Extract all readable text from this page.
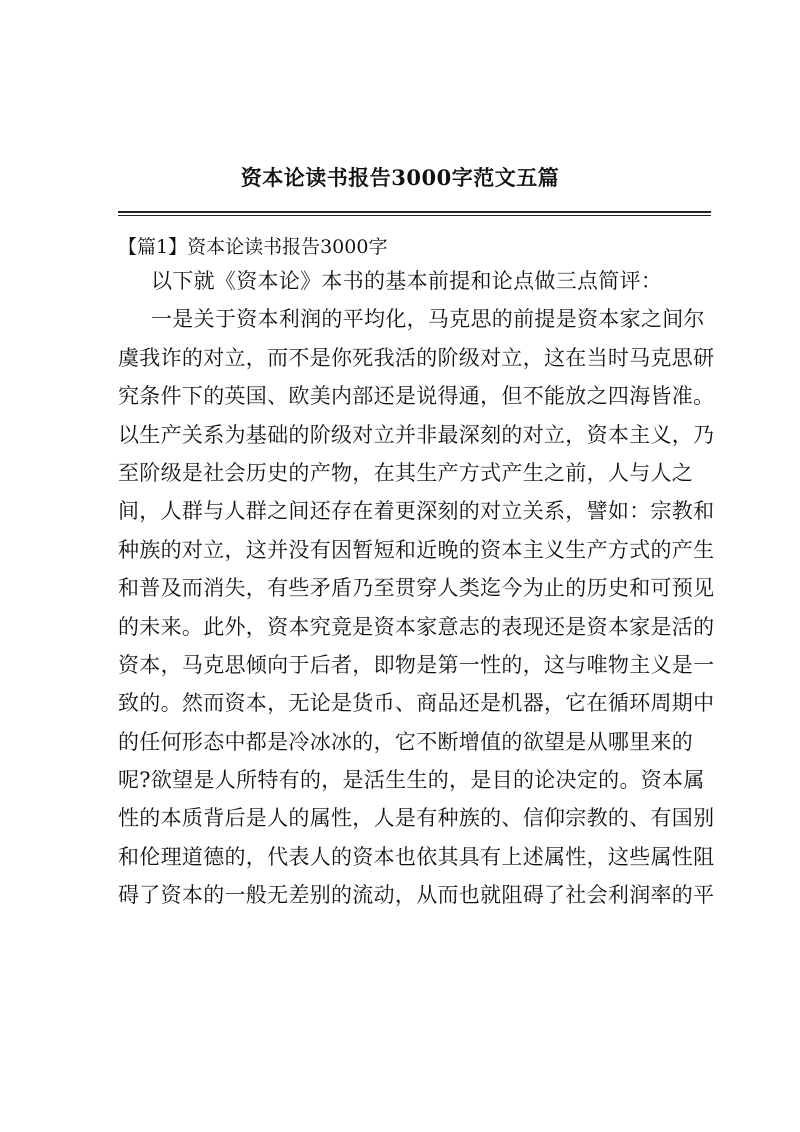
资本论读书报告3000字范文五篇
【篇1】资本论读书报告3000字
以下就《资本论》本书的基本前提和论点做三点简评：
一是关于资本利润的平均化，马克思的前提是资本家之间尔
虞我诈的对立，而不是你死我活的阶级对立，这在当时马克思研
究条件下的英国、欧美内部还是说得通，但不能放之四海皆准。
以生产关系为基础的阶级对立并非最深刻的对立，资本主义，乃
至阶级是社会历史的产物，在其生产方式产生之前，人与人之
间，人群与人群之间还存在着更深刻的对立关系，譬如：宗教和
种族的对立，这并没有因暂短和近晚的资本主义生产方式的产生
和普及而消失，有些矛盾乃至贯穿人类迄今为止的历史和可预见
的未来。此外，资本究竟是资本家意志的表现还是资本家是活的
资本，马克思倾向于后者，即物是第一性的，这与唯物主义是一
致的。然而资本，无论是货币、商品还是机器，它在循环周期中
的任何形态中都是冷冰冰的，它不断增值的欲望是从哪里来的
呢?欲望是人所特有的，是活生生的，是目的论决定的。资本属
性的本质背后是人的属性，人是有种族的、信仰宗教的、有国别
和伦理道德的，代表人的资本也依其具有上述属性，这些属性阻
碍了资本的一般无差别的流动，从而也就阻碍了社会利润率的平
